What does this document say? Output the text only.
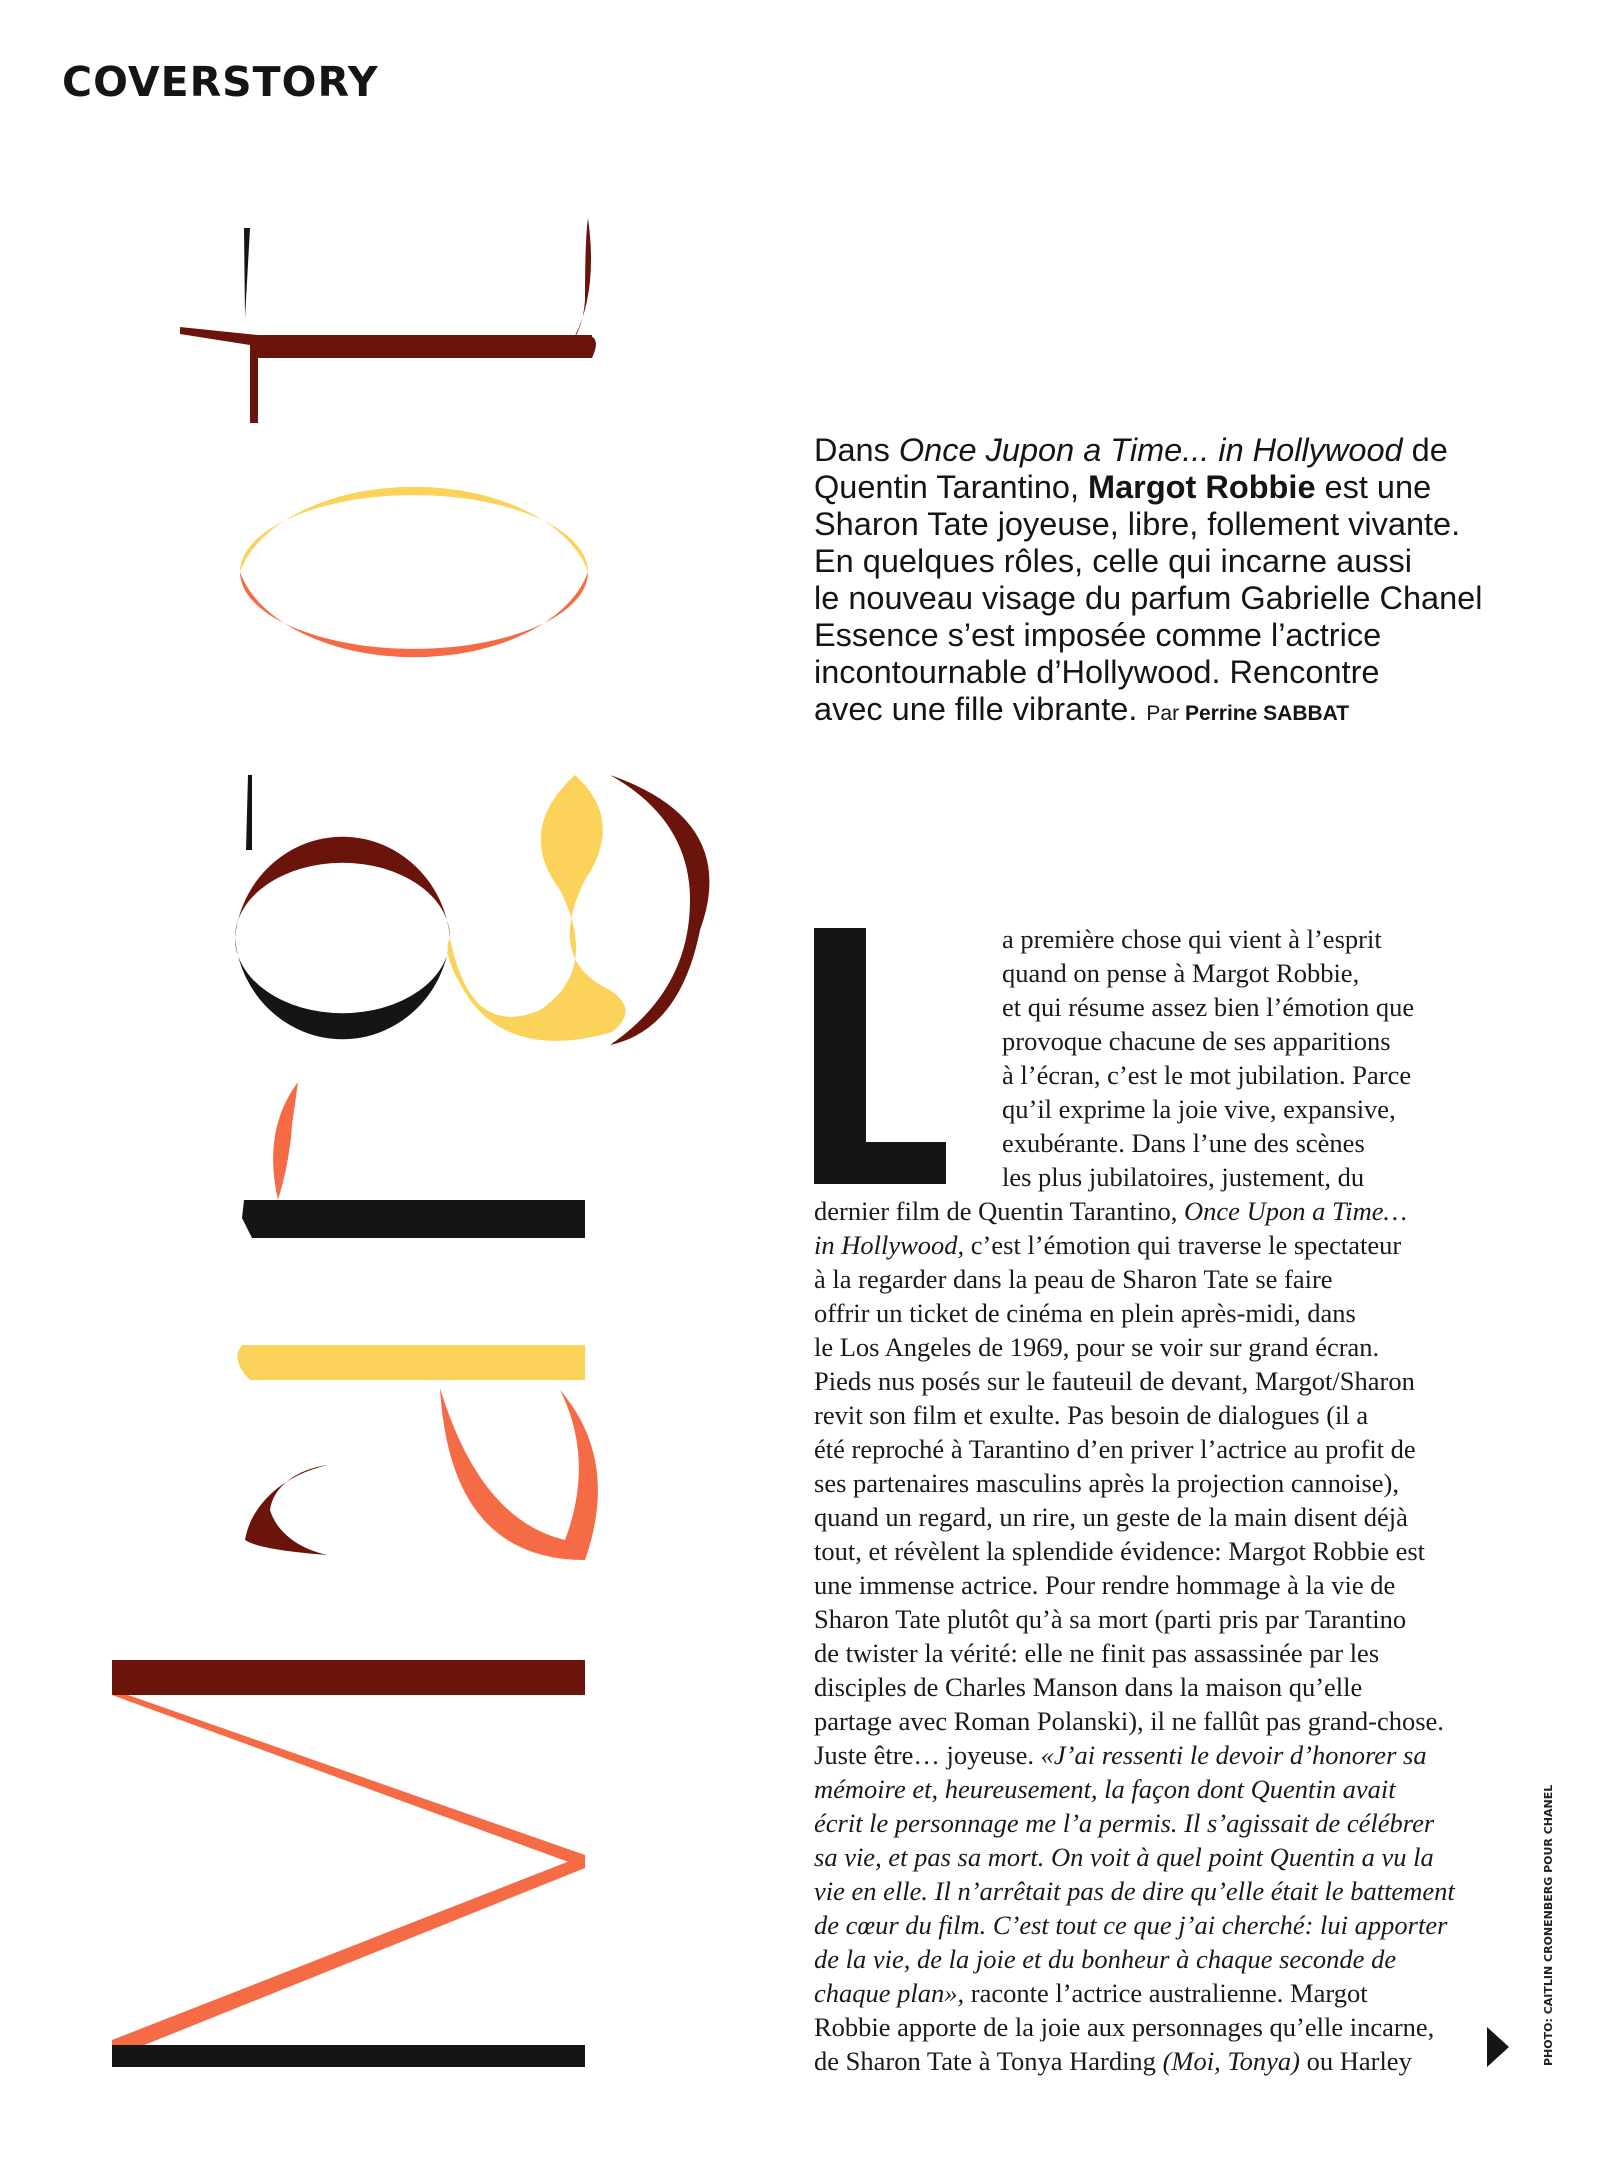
COVERSTORY

Dans Once Jupon a Time... in Hollywood de

Quentin Tarantino, Margot Robbie est une

Sharon Tate joyeuse, libre, follement vivante.

En quelques rôles, celle qui incarne aussi

le nouveau visage du parfum Gabrielle Chanel

Essence s’est imposée comme l’actrice

incontournable d’Hollywood. Rencontre

avec une fille vibrante. Par Perrine SABBAT

a première chose qui vient à l’esprit

quand on pense à Margot Robbie,

et qui résume assez bien l’émotion que

provoque chacune de ses apparitions

à l’écran, c’est le mot jubilation. Parce

qu’il exprime la joie vive, expansive,

exubérante. Dans l’une des scènes

les plus jubilatoires, justement, du

dernier film de Quentin Tarantino, Once Upon a Time…

in Hollywood, c’est l’émotion qui traverse le spectateur

à la regarder dans la peau de Sharon Tate se faire

offrir un ticket de cinéma en plein après-midi, dans

le Los Angeles de 1969, pour se voir sur grand écran.

Pieds nus posés sur le fauteuil de devant, Margot/Sharon

revit son film et exulte. Pas besoin de dialogues (il a

été reproché à Tarantino d’en priver l’actrice au profit de

ses partenaires masculins après la projection cannoise),

quand un regard, un rire, un geste de la main disent déjà

tout, et révèlent la splendide évidence: Margot Robbie est

une immense actrice. Pour rendre hommage à la vie de

Sharon Tate plutôt qu’à sa mort (parti pris par Tarantino

de twister la vérité: elle ne finit pas assassinée par les

disciples de Charles Manson dans la maison qu’elle

partage avec Roman Polanski), il ne fallût pas grand-chose.

Juste être… joyeuse. «J’ai ressenti le devoir d’honorer sa

mémoire et, heureusement, la façon dont Quentin avait

écrit le personnage me l’a permis. Il s’agissait de célébrer

sa vie, et pas sa mort. On voit à quel point Quentin a vu la

vie en elle. Il n’arrêtait pas de dire qu’elle était le battement

de cœur du film. C’est tout ce que j’ai cherché: lui apporter

de la vie, de la joie et du bonheur à chaque seconde de

chaque plan», raconte l’actrice australienne. Margot

Robbie apporte de la joie aux personnages qu’elle incarne,

de Sharon Tate à Tonya Harding (Moi, Tonya) ou Harley	PHOTO: CAITLIN CRONENBERG POUR CHANEL
